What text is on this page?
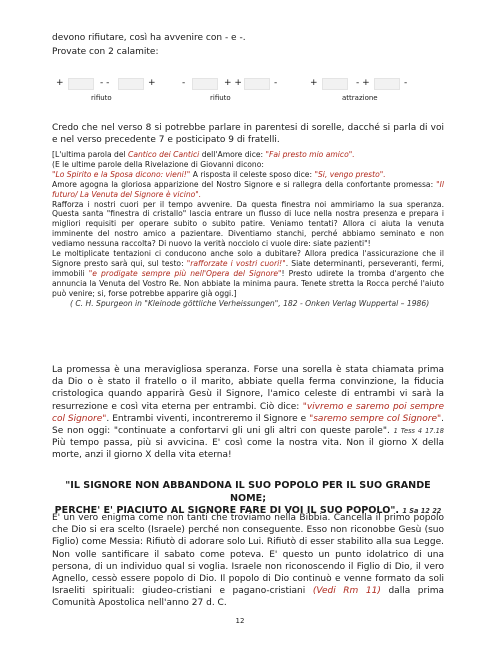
devono rifiutare, così ha avvenire con - e -.

Provate con 2 calamite:

+	- -	+
rifiuto
-	+ +	-
rifiuto
+	- +	-
attrazione

Credo che nel verso 8 si potrebbe parlare in parentesi di sorelle, dacché si parla di voi e nel verso precedente 7 e posticipato 9 di fratelli.

[L'ultima parola del Cantico dei Cantici dell'Amore dice: "Fai presto mio amico".
(E le ultime parole della Rivelazione di Giovanni dicono:
"Lo Spirito e la Sposa dicono: vieni!" A risposta il celeste sposo dice: "Si, vengo presto".
Amore agogna la gloriosa apparizione del Nostro Signore e si rallegra della confortante promessa: "Il futuro/ La Venuta del Signore è vicino".
Rafforza i nostri cuori per il tempo avvenire. Da questa finestra noi ammiriamo la sua speranza. Questa santa "finestra di cristallo" lascia entrare un flusso di luce nella nostra presenza e prepara i migliori requisiti per operare subito o subito patire. Veniamo tentati? Allora ci aiuta la venuta imminente del nostro amico a pazientare. Diventiamo stanchi, perché abbiamo seminato e non vediamo nessuna raccolta? Di nuovo la verità nocciolo ci vuole dire: siate pazienti"!
Le moltiplicate tentazioni ci conducono anche solo a dubitare? Allora predica l'assicurazione che il Signore presto sarà qui, sul testo: "rafforzate i vostri cuori!". Siate determinanti, perseveranti, fermi, immobili "e prodigate sempre più nell'Opera del Signore"! Presto udirete la tromba d'argento che annuncia la Venuta del Vostro Re. Non abbiate la minima paura. Tenete stretta la Rocca perché l'aiuto può venire; si, forse potrebbe apparire già oggi.]
( C. H. Spurgeon in "Kleinode göttliche Verheissungen", 182 - Onken Verlag Wuppertal – 1986)
La promessa è una meravigliosa speranza. Forse una sorella è stata chiamata prima da Dio o è stato il fratello o il marito, abbiate quella ferma convinzione, la fiducia cristologica quando apparirà Gesù il Signore, l'amico celeste di entrambi vi sarà la resurrezione e così vita eterna per entrambi. Ciò dice: "vivremo e saremo poi sempre col Signore". Entrambi viventi, incontreremo il Signore e "saremo sempre col Signore". Se non oggi: "continuate a confortarvi gli uni gli altri con queste parole". 1 Tess 4 17.18 Più tempo passa, più si avvicina. E' così come la nostra vita. Non il giorno X della morte, anzi il giorno X della vita eterna!
"IL SIGNORE NON ABBANDONA IL SUO POPOLO PER IL SUO GRANDE NOME;
PERCHE' E' PIACIUTO AL SIGNORE FARE DI VOI IL SUO POPOLO". 1 Sa 12 22
E' un vero enigma come non tanti che troviamo nella Bibbia. Cancella il primo popolo che Dio si era scelto (Israele) perché non conseguente. Esso non riconobbe Gesù (suo Figlio) come Messia: Rifiutò di adorare solo Lui. Rifiutò di esser stabilito alla sua Legge. Non volle santificare il sabato come poteva. E' questo un punto idolatrico di una persona, di un individuo qual si voglia. Israele non riconoscendo il Figlio di Dio, il vero Agnello, cessò essere popolo di Dio. Il popolo di Dio continuò e venne formato da soli Israeliti spirituali: giudeo-cristiani e pagano-cristiani (Vedi Rm 11) dalla prima Comunità Apostolica nell'anno 27 d. C.
12
